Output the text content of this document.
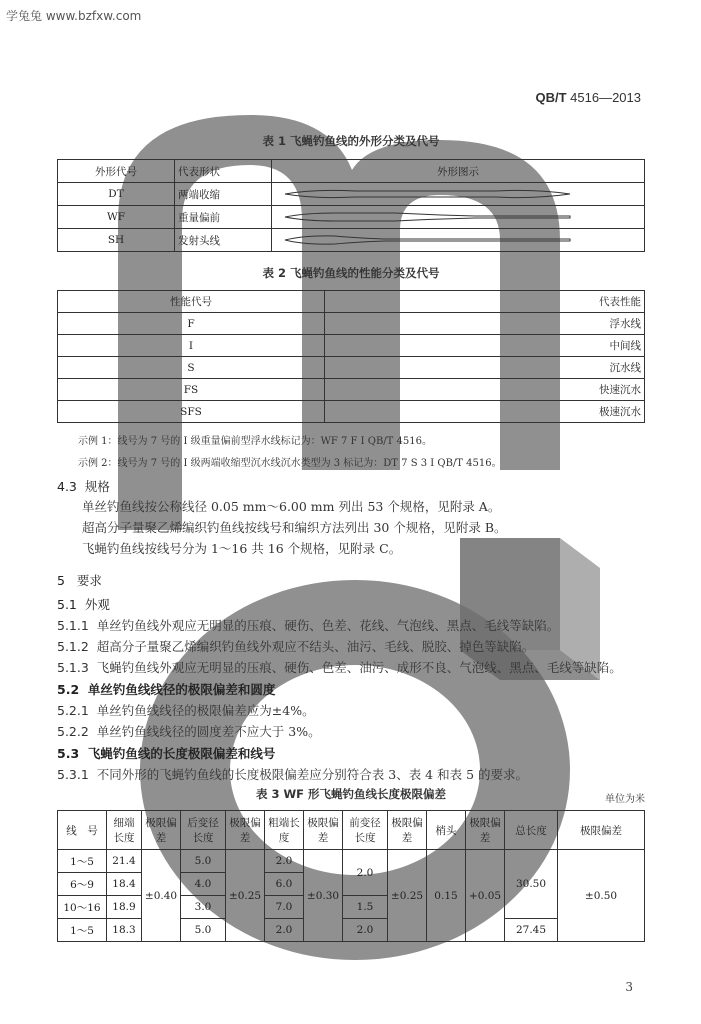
学兔兔 www.bzfxw.com
QB/T 4516—2013
表 1 飞蝇钓鱼线的外形分类及代号
外形代号	代表形状	外形图示
DT	两端收缩	

WF	重量偏前	

SH	发射头线	
表 2 飞蝇钓鱼线的性能分类及代号
性能代号	代表性能
F	浮水线
I	中间线
S	沉水线
FS	快速沉水
SFS	极速沉水
示例 1：线号为 7 号的 I 级重量偏前型浮水线标记为：WF 7 F I QB/T 4516。
示例 2：线号为 7 号的 I 级两端收缩型沉水线沉水类型为 3 标记为：DT 7 S 3 I QB/T 4516。
4.3 规格
单丝钓鱼线按公称线径 0.05 mm～6.00 mm 列出 53 个规格，见附录 A。
超高分子量聚乙烯编织钓鱼线按线号和编织方法列出 30 个规格，见附录 B。
飞蝇钓鱼线按线号分为 1～16 共 16 个规格，见附录 C。
5 要求
5.1 外观
5.1.1 单丝钓鱼线外观应无明显的压痕、硬伤、色差、花线、气泡线、黑点、毛线等缺陷。
5.1.2 超高分子量聚乙烯编织钓鱼线外观应不结头、油污、毛线、脱胶、掉色等缺陷。
5.1.3 飞蝇钓鱼线外观应无明显的压痕、硬伤、色差、油污、成形不良、气泡线、黑点、毛线等缺陷。
5.2 单丝钓鱼线线径的极限偏差和圆度
5.2.1 单丝钓鱼线线径的极限偏差应为±4%。
5.2.2 单丝钓鱼线线径的圆度差不应大于 3%。
5.3 飞蝇钓鱼线的长度极限偏差和线号
5.3.1 不同外形的飞蝇钓鱼线的长度极限偏差应分别符合表 3、表 4 和表 5 的要求。
表 3 WF 形飞蝇钓鱼线长度极限偏差	单位为米
线　号	细端长度	极限偏差	后变径长度	极限偏差	粗端长度	极限偏差	前变径长度	极限偏差	梢头	极限偏差	总长度	极限偏差
1～5	21.4	±0.40	5.0	±0.25	2.0	±0.30	2.0	±0.25	0.15	+0.05	30.50	±0.50
6～9	18.4		4.0		6.0							
10～16	18.9		3.0		7.0		1.5					
1～5	18.3		5.0		2.0		2.0				27.45	
3
